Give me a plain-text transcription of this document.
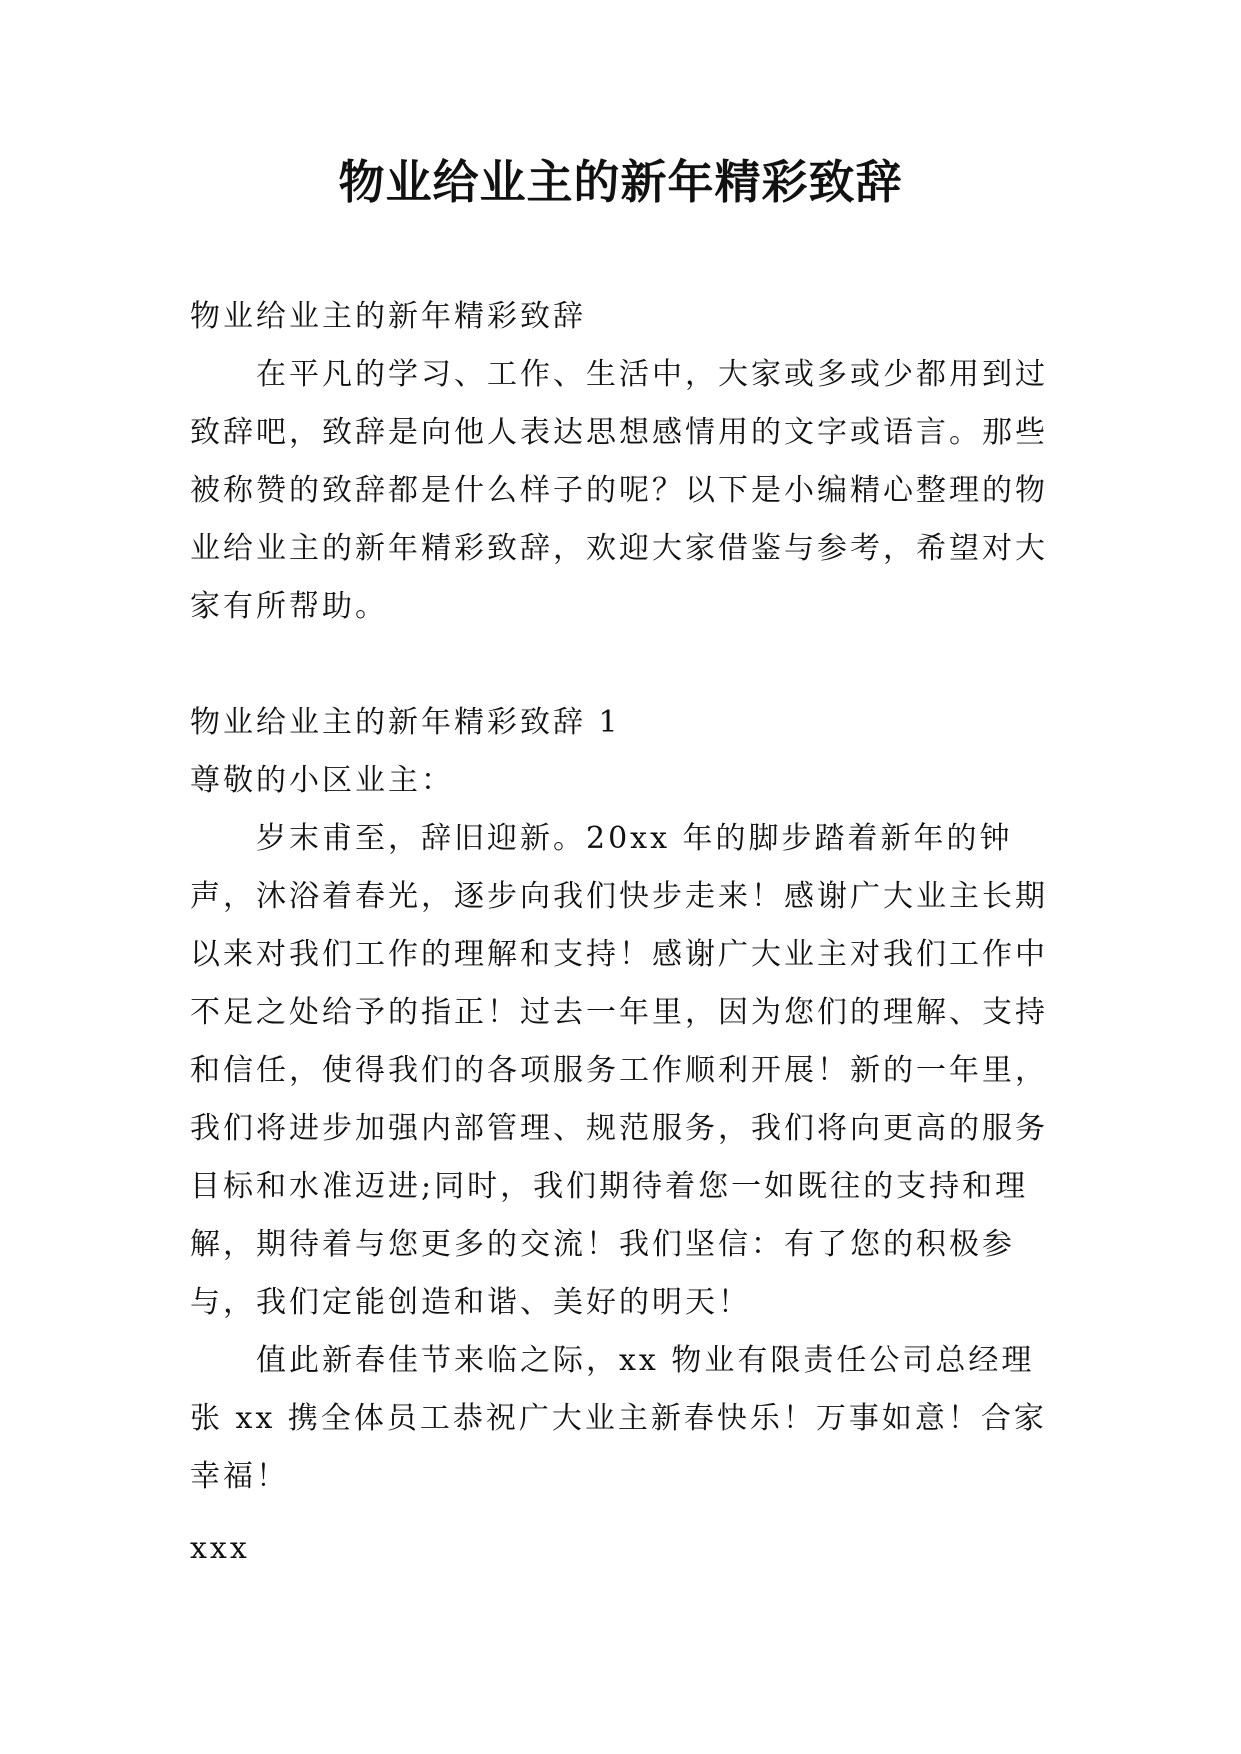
物业给业主的新年精彩致辞

物业给业主的新年精彩致辞

在平凡的学习、工作、生活中，大家或多或少都用到过致辞吧，致辞是向他人表达思想感情用的文字或语言。那些被称赞的致辞都是什么样子的呢？以下是小编精心整理的物业给业主的新年精彩致辞，欢迎大家借鉴与参考，希望对大家有所帮助。

物业给业主的新年精彩致辞 1

尊敬的小区业主：

岁末甫至，辞旧迎新。20xx 年的脚步踏着新年的钟声，沐浴着春光，逐步向我们快步走来！感谢广大业主长期以来对我们工作的理解和支持！感谢广大业主对我们工作中不足之处给予的指正！过去一年里，因为您们的理解、支持和信任，使得我们的各项服务工作顺利开展！新的一年里，我们将进步加强内部管理、规范服务，我们将向更高的服务目标和水准迈进;同时，我们期待着您一如既往的支持和理解，期待着与您更多的交流！我们坚信：有了您的积极参与，我们定能创造和谐、美好的明天！

值此新春佳节来临之际，xx 物业有限责任公司总经理张 xx 携全体员工恭祝广大业主新春快乐！万事如意！合家幸福！

xxx
